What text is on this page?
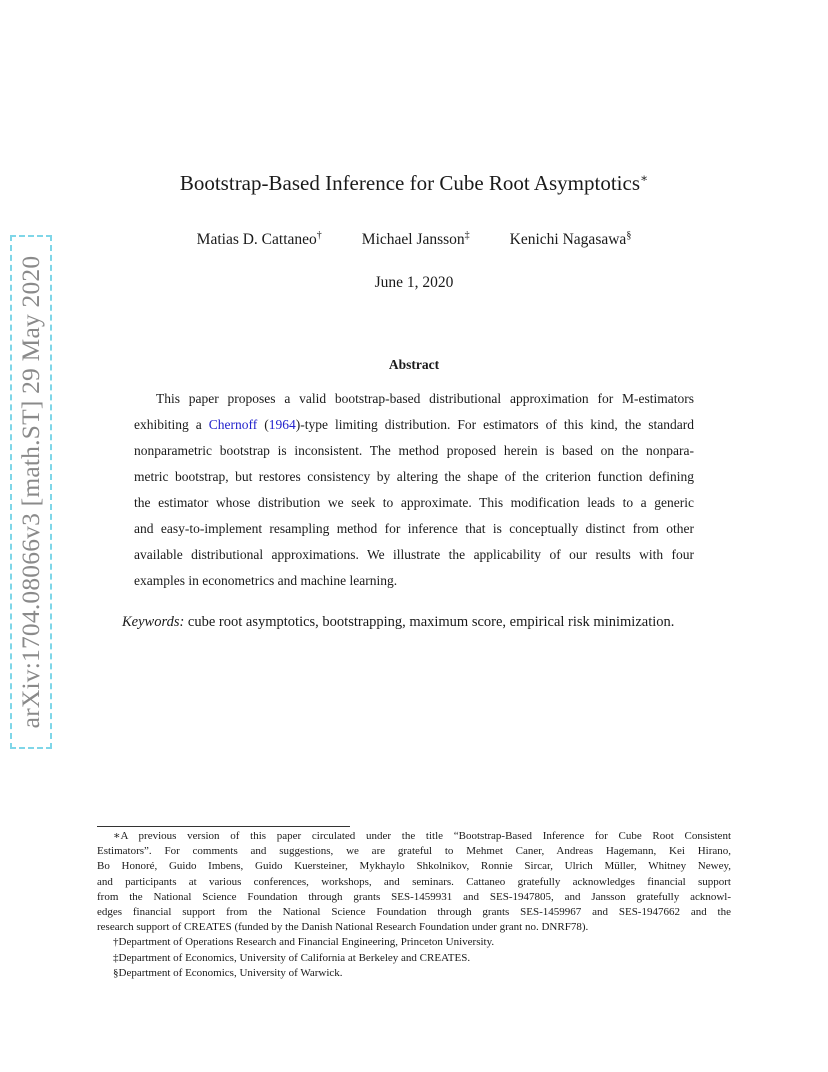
arXiv:1704.08066v3 [math.ST] 29 May 2020
Bootstrap-Based Inference for Cube Root Asymptotics∗
Matias D. Cattaneo†	Michael Jansson‡	Kenichi Nagasawa§
June 1, 2020
Abstract
This paper proposes a valid bootstrap-based distributional approximation for M-estimators
exhibiting a Chernoff (1964)-type limiting distribution. For estimators of this kind, the standard
nonparametric bootstrap is inconsistent. The method proposed herein is based on the nonpara-
metric bootstrap, but restores consistency by altering the shape of the criterion function defining
the estimator whose distribution we seek to approximate. This modification leads to a generic
and easy-to-implement resampling method for inference that is conceptually distinct from other
available distributional approximations. We illustrate the applicability of our results with four
examples in econometrics and machine learning.
Keywords: cube root asymptotics, bootstrapping, maximum score, empirical risk minimization.
∗A previous version of this paper circulated under the title “Bootstrap-Based Inference for Cube Root Consistent
Estimators”. For comments and suggestions, we are grateful to Mehmet Caner, Andreas Hagemann, Kei Hirano,
Bo Honoré, Guido Imbens, Guido Kuersteiner, Mykhaylo Shkolnikov, Ronnie Sircar, Ulrich Müller, Whitney Newey,
and participants at various conferences, workshops, and seminars. Cattaneo gratefully acknowledges financial support
from the National Science Foundation through grants SES-1459931 and SES-1947805, and Jansson gratefully acknowl-
edges financial support from the National Science Foundation through grants SES-1459967 and SES-1947662 and the
research support of CREATES (funded by the Danish National Research Foundation under grant no. DNRF78).
†Department of Operations Research and Financial Engineering, Princeton University.
‡Department of Economics, University of California at Berkeley and CREATES.
§Department of Economics, University of Warwick.
